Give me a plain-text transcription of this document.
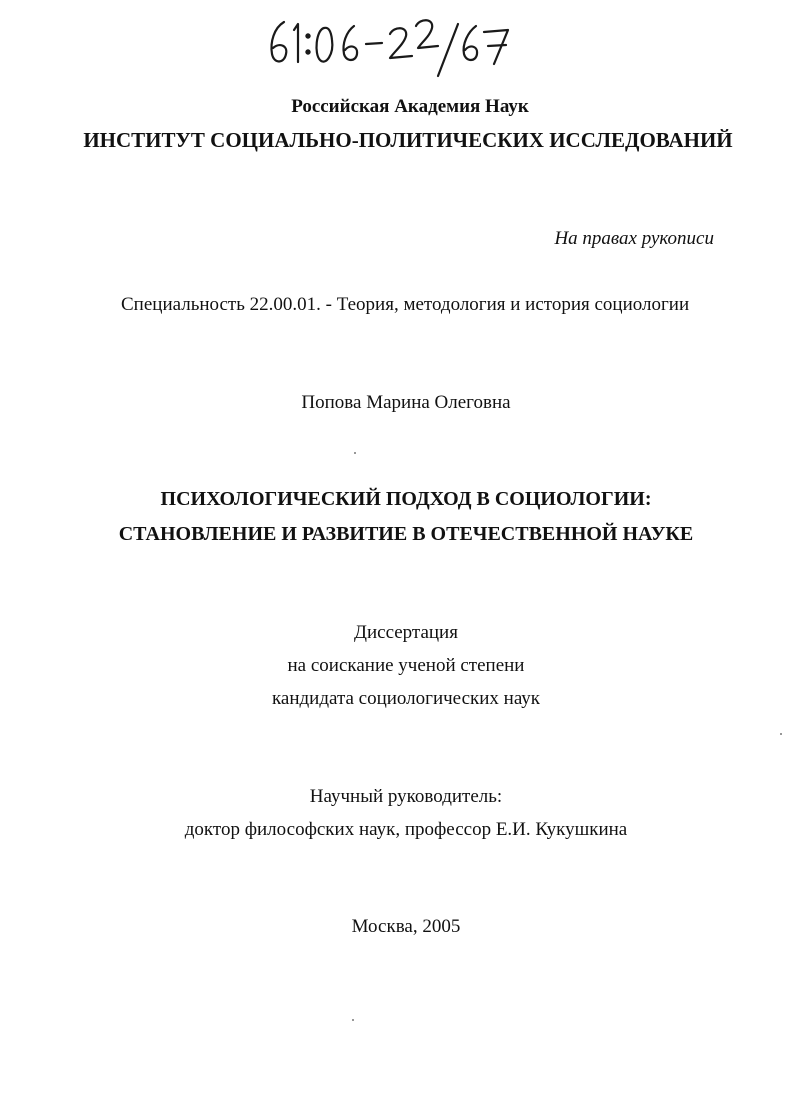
Российская Академия Наук
ИНСТИТУТ СОЦИАЛЬНО-ПОЛИТИЧЕСКИХ ИССЛЕДОВАНИЙ
На правах рукописи
Специальность 22.00.01. - Теория, методология и история социологии
Попова Марина Олеговна
ПСИХОЛОГИЧЕСКИЙ ПОДХОД В СОЦИОЛОГИИ:
СТАНОВЛЕНИЕ И РАЗВИТИЕ В ОТЕЧЕСТВЕННОЙ НАУКЕ
Диссертация
на соискание ученой степени
кандидата социологических наук
Научный руководитель:
доктор философских наук, профессор Е.И. Кукушкина
Москва, 2005
